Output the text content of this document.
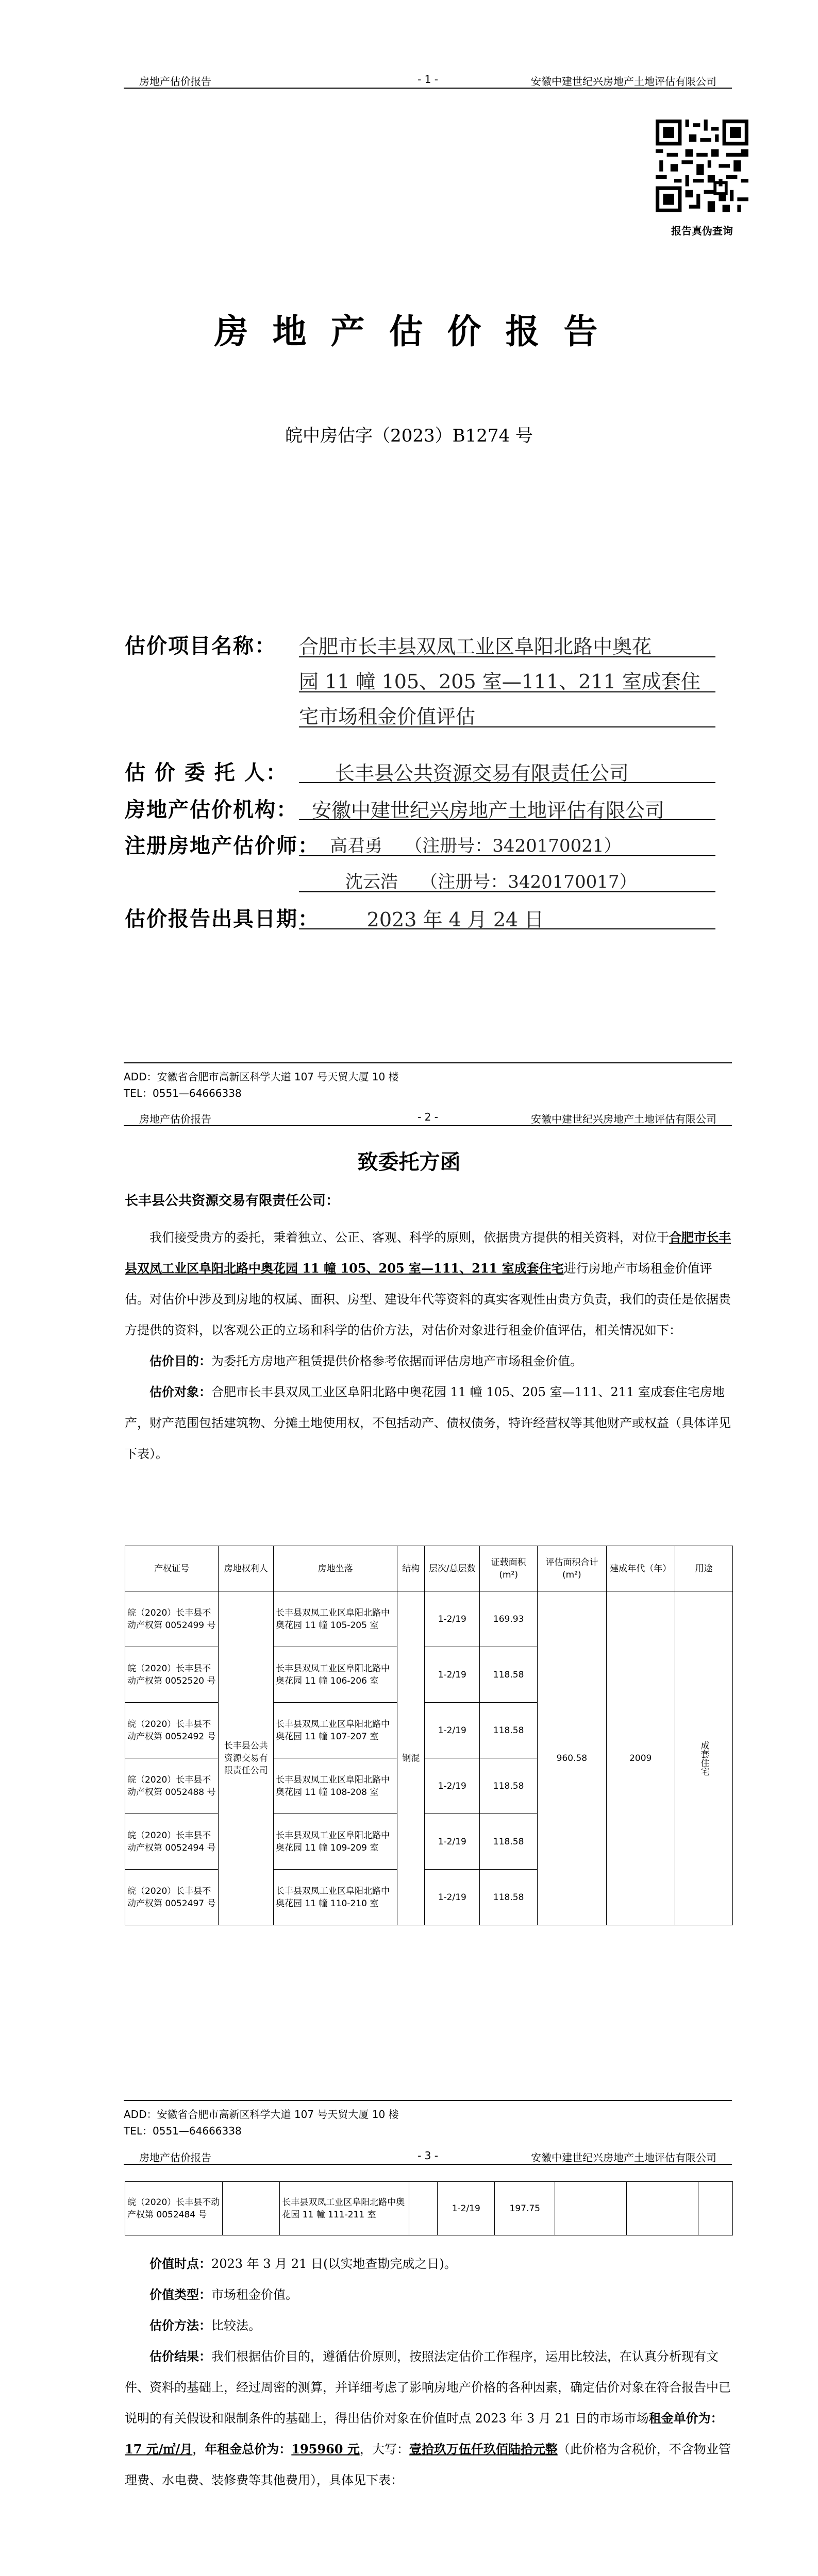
房地产估价报告	- 1 -	安徽中建世纪兴房地产土地评估有限公司
报告真伪查询
房 地 产 估 价 报 告
皖中房估字（2023）B1274 号
估价项目名称： 合肥市长丰县双凤工业区阜阳北路中奥花
园 11 幢 105、205 室—111、211 室成套住
宅市场租金价值评估
估 价 委 托 人： 长丰县公共资源交易有限责任公司
房地产估价机构： 安徽中建世纪兴房地产土地评估有限公司
注册房地产估价师： 高君勇    （注册号：3420170021）
沈云浩    （注册号：3420170017）
估价报告出具日期：	2023 年 4 月 24 日
ADD：安徽省合肥市高新区科学大道 107 号天贸大厦 10 楼
TEL：0551—64666338
房地产估价报告	- 2 -	安徽中建世纪兴房地产土地评估有限公司
致委托方函
长丰县公共资源交易有限责任公司：

我们接受贵方的委托，秉着独立、公正、客观、科学的原则，依据贵方提供的相关资料，对位于合肥市长丰县双凤工业区阜阳北路中奥花园 11 幢 105、205 室—111、211 室成套住宅进行房地产市场租金价值评估。对估价中涉及到房地的权属、面积、房型、建设年代等资料的真实客观性由贵方负责，我们的责任是依据贵方提供的资料，以客观公正的立场和科学的估价方法，对估价对象进行租金价值评估，相关情况如下：

估价目的：为委托方房地产租赁提供价格参考依据而评估房地产市场租金价值。

估价对象：合肥市长丰县双凤工业区阜阳北路中奥花园 11 幢 105、205 室—111、211 室成套住宅房地产，财产范围包括建筑物、分摊土地使用权，不包括动产、债权债务，特许经营权等其他财产或权益（具体详见下表）。

产权证号	房地权利人	房地坐落	结构	层次/总层数	证载面积(m²)	评估面积合计(m²)	建成年代（年）	用途
皖（2020）长丰县不动产权第 0052499 号	长丰县公共资源交易有限责任公司	长丰县双凤工业区阜阳北路中奥花园 11 幢 105-205 室	钢混	1-2/19	169.93	960.58	2009	成套住宅
皖（2020）长丰县不动产权第 0052520 号		长丰县双凤工业区阜阳北路中奥花园 11 幢 106-206 室		1-2/19	118.58			
皖（2020）长丰县不动产权第 0052492 号		长丰县双凤工业区阜阳北路中奥花园 11 幢 107-207 室		1-2/19	118.58			
皖（2020）长丰县不动产权第 0052488 号		长丰县双凤工业区阜阳北路中奥花园 11 幢 108-208 室		1-2/19	118.58			
皖（2020）长丰县不动产权第 0052494 号		长丰县双凤工业区阜阳北路中奥花园 11 幢 109-209 室		1-2/19	118.58			
皖（2020）长丰县不动产权第 0052497 号		长丰县双凤工业区阜阳北路中奥花园 11 幢 110-210 室		1-2/19	118.58			
ADD：安徽省合肥市高新区科学大道 107 号天贸大厦 10 楼
TEL：0551—64666338
房地产估价报告	- 3 -	安徽中建世纪兴房地产土地评估有限公司
皖（2020）长丰县不动产权第 0052484 号		长丰县双凤工业区阜阳北路中奥花园 11 幢 111-211 室		1-2/19	197.75			

价值时点：2023 年 3 月 21 日(以实地查勘完成之日)。

价值类型：市场租金价值。

估价方法：比较法。

估价结果：我们根据估价目的，遵循估价原则，按照法定估价工作程序，运用比较法，在认真分析现有文件、资料的基础上，经过周密的测算，并详细考虑了影响房地产价格的各种因素，确定估价对象在符合报告中已说明的有关假设和限制条件的基础上，得出估价对象在价值时点 2023 年 3 月 21 日的市场市场租金单价为：17 元/㎡/月，年租金总价为：195960 元，大写：壹拾玖万伍仟玖佰陆拾元整（此价格为含税价，不含物业管理费、水电费、装修费等其他费用），具体见下表：
